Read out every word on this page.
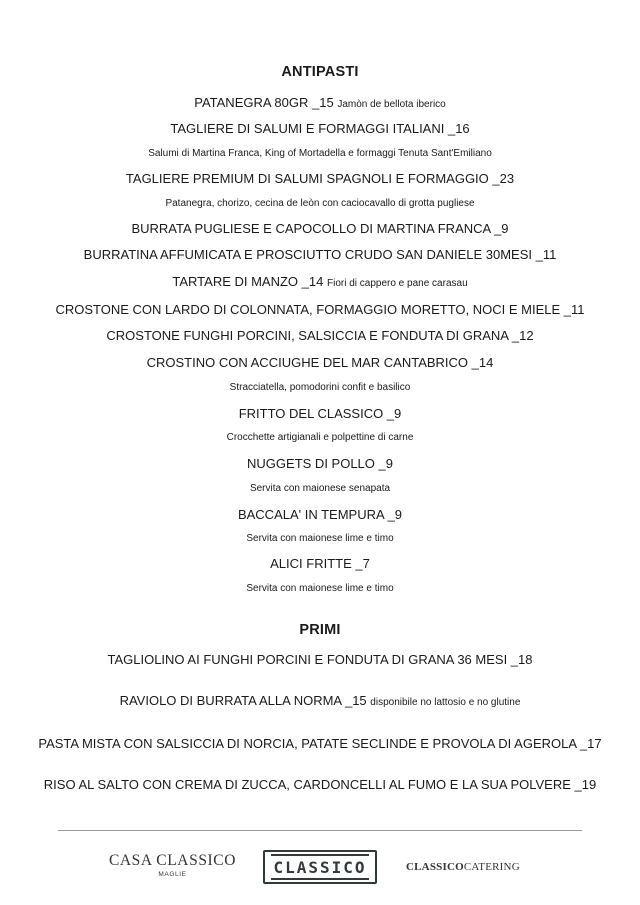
ANTIPASTI
PATANEGRA 80GR _15 Jamòn de bellota iberico
TAGLIERE DI SALUMI E FORMAGGI ITALIANI _16
Salumi di Martina Franca, King of Mortadella e formaggi Tenuta Sant'Emiliano
TAGLIERE PREMIUM DI SALUMI SPAGNOLI E FORMAGGIO _23
Patanegra, chorizo, cecina de leòn con caciocavallo di grotta pugliese
BURRATA PUGLIESE E CAPOCOLLO DI MARTINA FRANCA _9
BURRATINA AFFUMICATA E PROSCIUTTO CRUDO SAN DANIELE 30MESI _11
TARTARE DI MANZO _14 Fiori di cappero e pane carasau
CROSTONE CON LARDO DI COLONNATA, FORMAGGIO MORETTO, NOCI E MIELE _11
CROSTONE FUNGHI PORCINI, SALSICCIA E FONDUTA DI GRANA _12
CROSTINO CON ACCIUGHE DEL MAR CANTABRICO _14
Stracciatella, pomodorini confit e basilico
FRITTO DEL CLASSICO _9
Crocchette artigianali e polpettine di carne
NUGGETS DI POLLO _9
Servita con maionese senapata
BACCALA' IN TEMPURA _9
Servita con maionese lime e timo
ALICI FRITTE _7
Servita con maionese lime e timo
PRIMI
TAGLIOLINO AI FUNGHI PORCINI E FONDUTA DI GRANA 36 MESI _18
RAVIOLO DI BURRATA ALLA NORMA _15 disponibile no lattosio e no glutine
PASTA MISTA CON SALSICCIA DI NORCIA, PATATE SECLINDE E PROVOLA DI AGEROLA _17
RISO AL SALTO CON CREMA DI ZUCCA, CARDONCELLI AL FUMO E LA SUA POLVERE _19
CASA CLASSICO
MAGLIE	CLASSICO	CLASSICOCATERING
